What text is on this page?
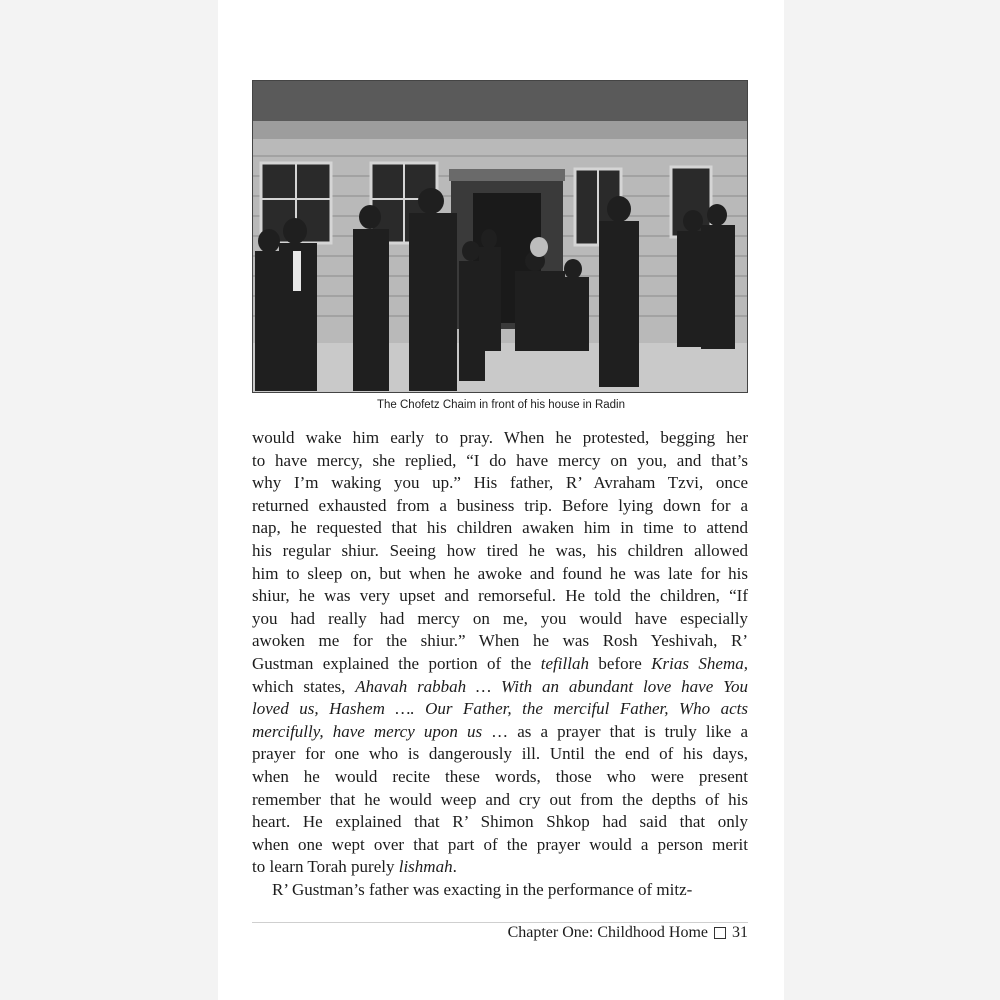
The Chofetz Chaim in front of his house in Radin
would wake him early to pray. When he protested, begging her
to have mercy, she replied, “I do have mercy on you, and that’s
why I’m waking you up.” His father, R’ Avraham Tzvi, once
returned exhausted from a business trip. Before lying down for a
nap, he requested that his children awaken him in time to attend
his regular shiur. Seeing how tired he was, his children allowed
him to sleep on, but when he awoke and found he was late for his
shiur, he was very upset and remorseful. He told the children, “If
you had really had mercy on me, you would have especially
awoken me for the shiur.” When he was Rosh Yeshivah, R’
Gustman explained the portion of the tefillah before Krias Shema,
which states, Ahavah rabbah … With an abundant love have You
loved us, Hashem …. Our Father, the merciful Father, Who acts
mercifully, have mercy upon us … as a prayer that is truly like a
prayer for one who is dangerously ill. Until the end of his days,
when he would recite these words, those who were present
remember that he would weep and cry out from the depths of his
heart. He explained that R’ Shimon Shkop had said that only
when one wept over that part of the prayer would a person merit
to learn Torah purely lishmah.
R’ Gustman’s father was exacting in the performance of mitz-
Chapter One: Childhood Home 31
